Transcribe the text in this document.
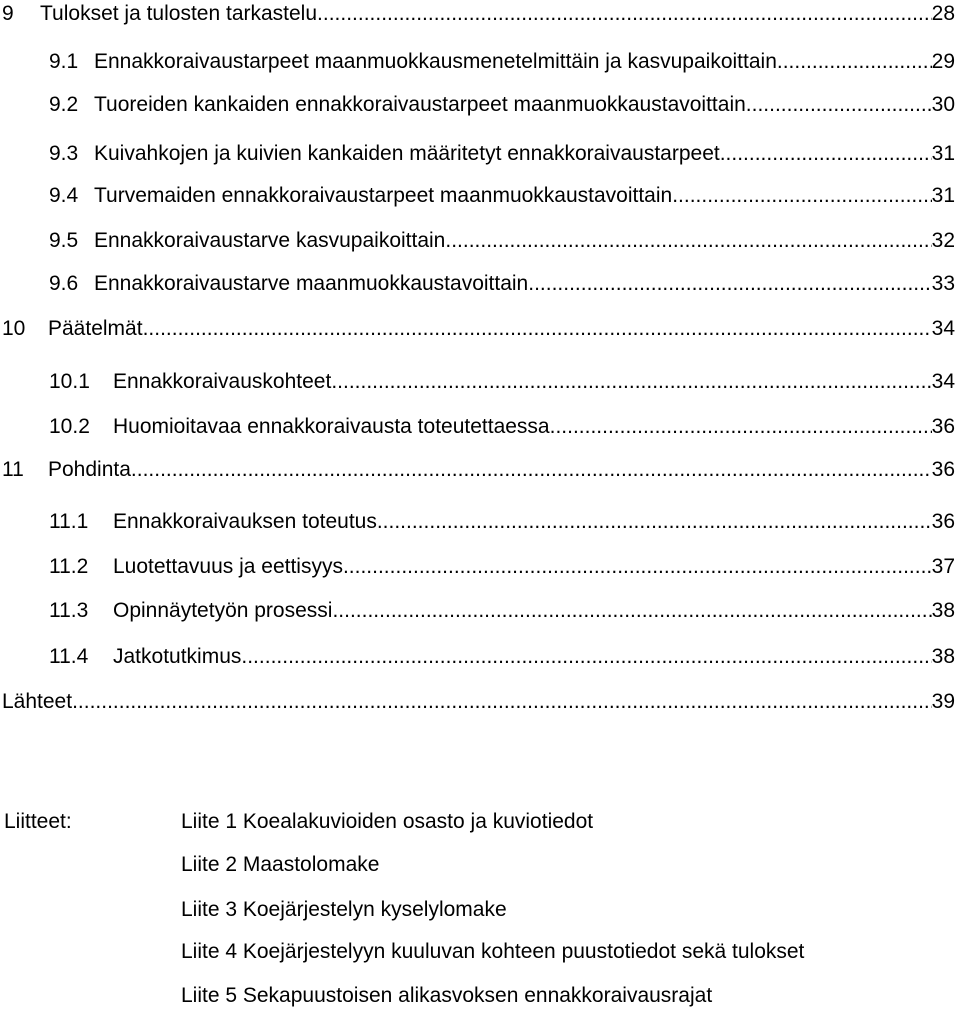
9	Tulokset ja tulosten tarkastelu .....	28
9.1 Ennakkoraivaustarpeet maanmuokkausmenetelmittäin ja kasvupaikoittain .....	29
9.2 Tuoreiden kankaiden ennakkoraivaustarpeet maanmuokkaustavoittain .....	30
9.3 Kuivahkojen ja kuivien kankaiden määritetyt ennakkoraivaustarpeet .....	31
9.4 Turvemaiden ennakkoraivaustarpeet maanmuokkaustavoittain .....	31
9.5 Ennakkoraivaustarve kasvupaikoittain .....	32
9.6 Ennakkoraivaustarve maanmuokkaustavoittain .....	33
10	Päätelmät .....	34
10.1	Ennakkoraivauskohteet .....	34
10.2	Huomioitavaa ennakkoraivausta toteutettaessa. .....	36
11	Pohdinta .....	36
11.1	Ennakkoraivauksen toteutus .....	36
11.2	Luotettavuus ja eettisyys .....	37
11.3	Opinnäytetyön prosessi .....	38
11.4	Jatkotutkimus .....	38
Lähteet .....	39
Liitteet:	Liite 1 Koealakuvioiden osasto ja kuviotiedot
Liite 2 Maastolomake
Liite 3 Koejärjestelyn kyselylomake
Liite 4 Koejärjestelyyn kuuluvan kohteen puustotiedot sekä tulokset
Liite 5 Sekapuustoisen alikasvoksen ennakkoraivausrajat
